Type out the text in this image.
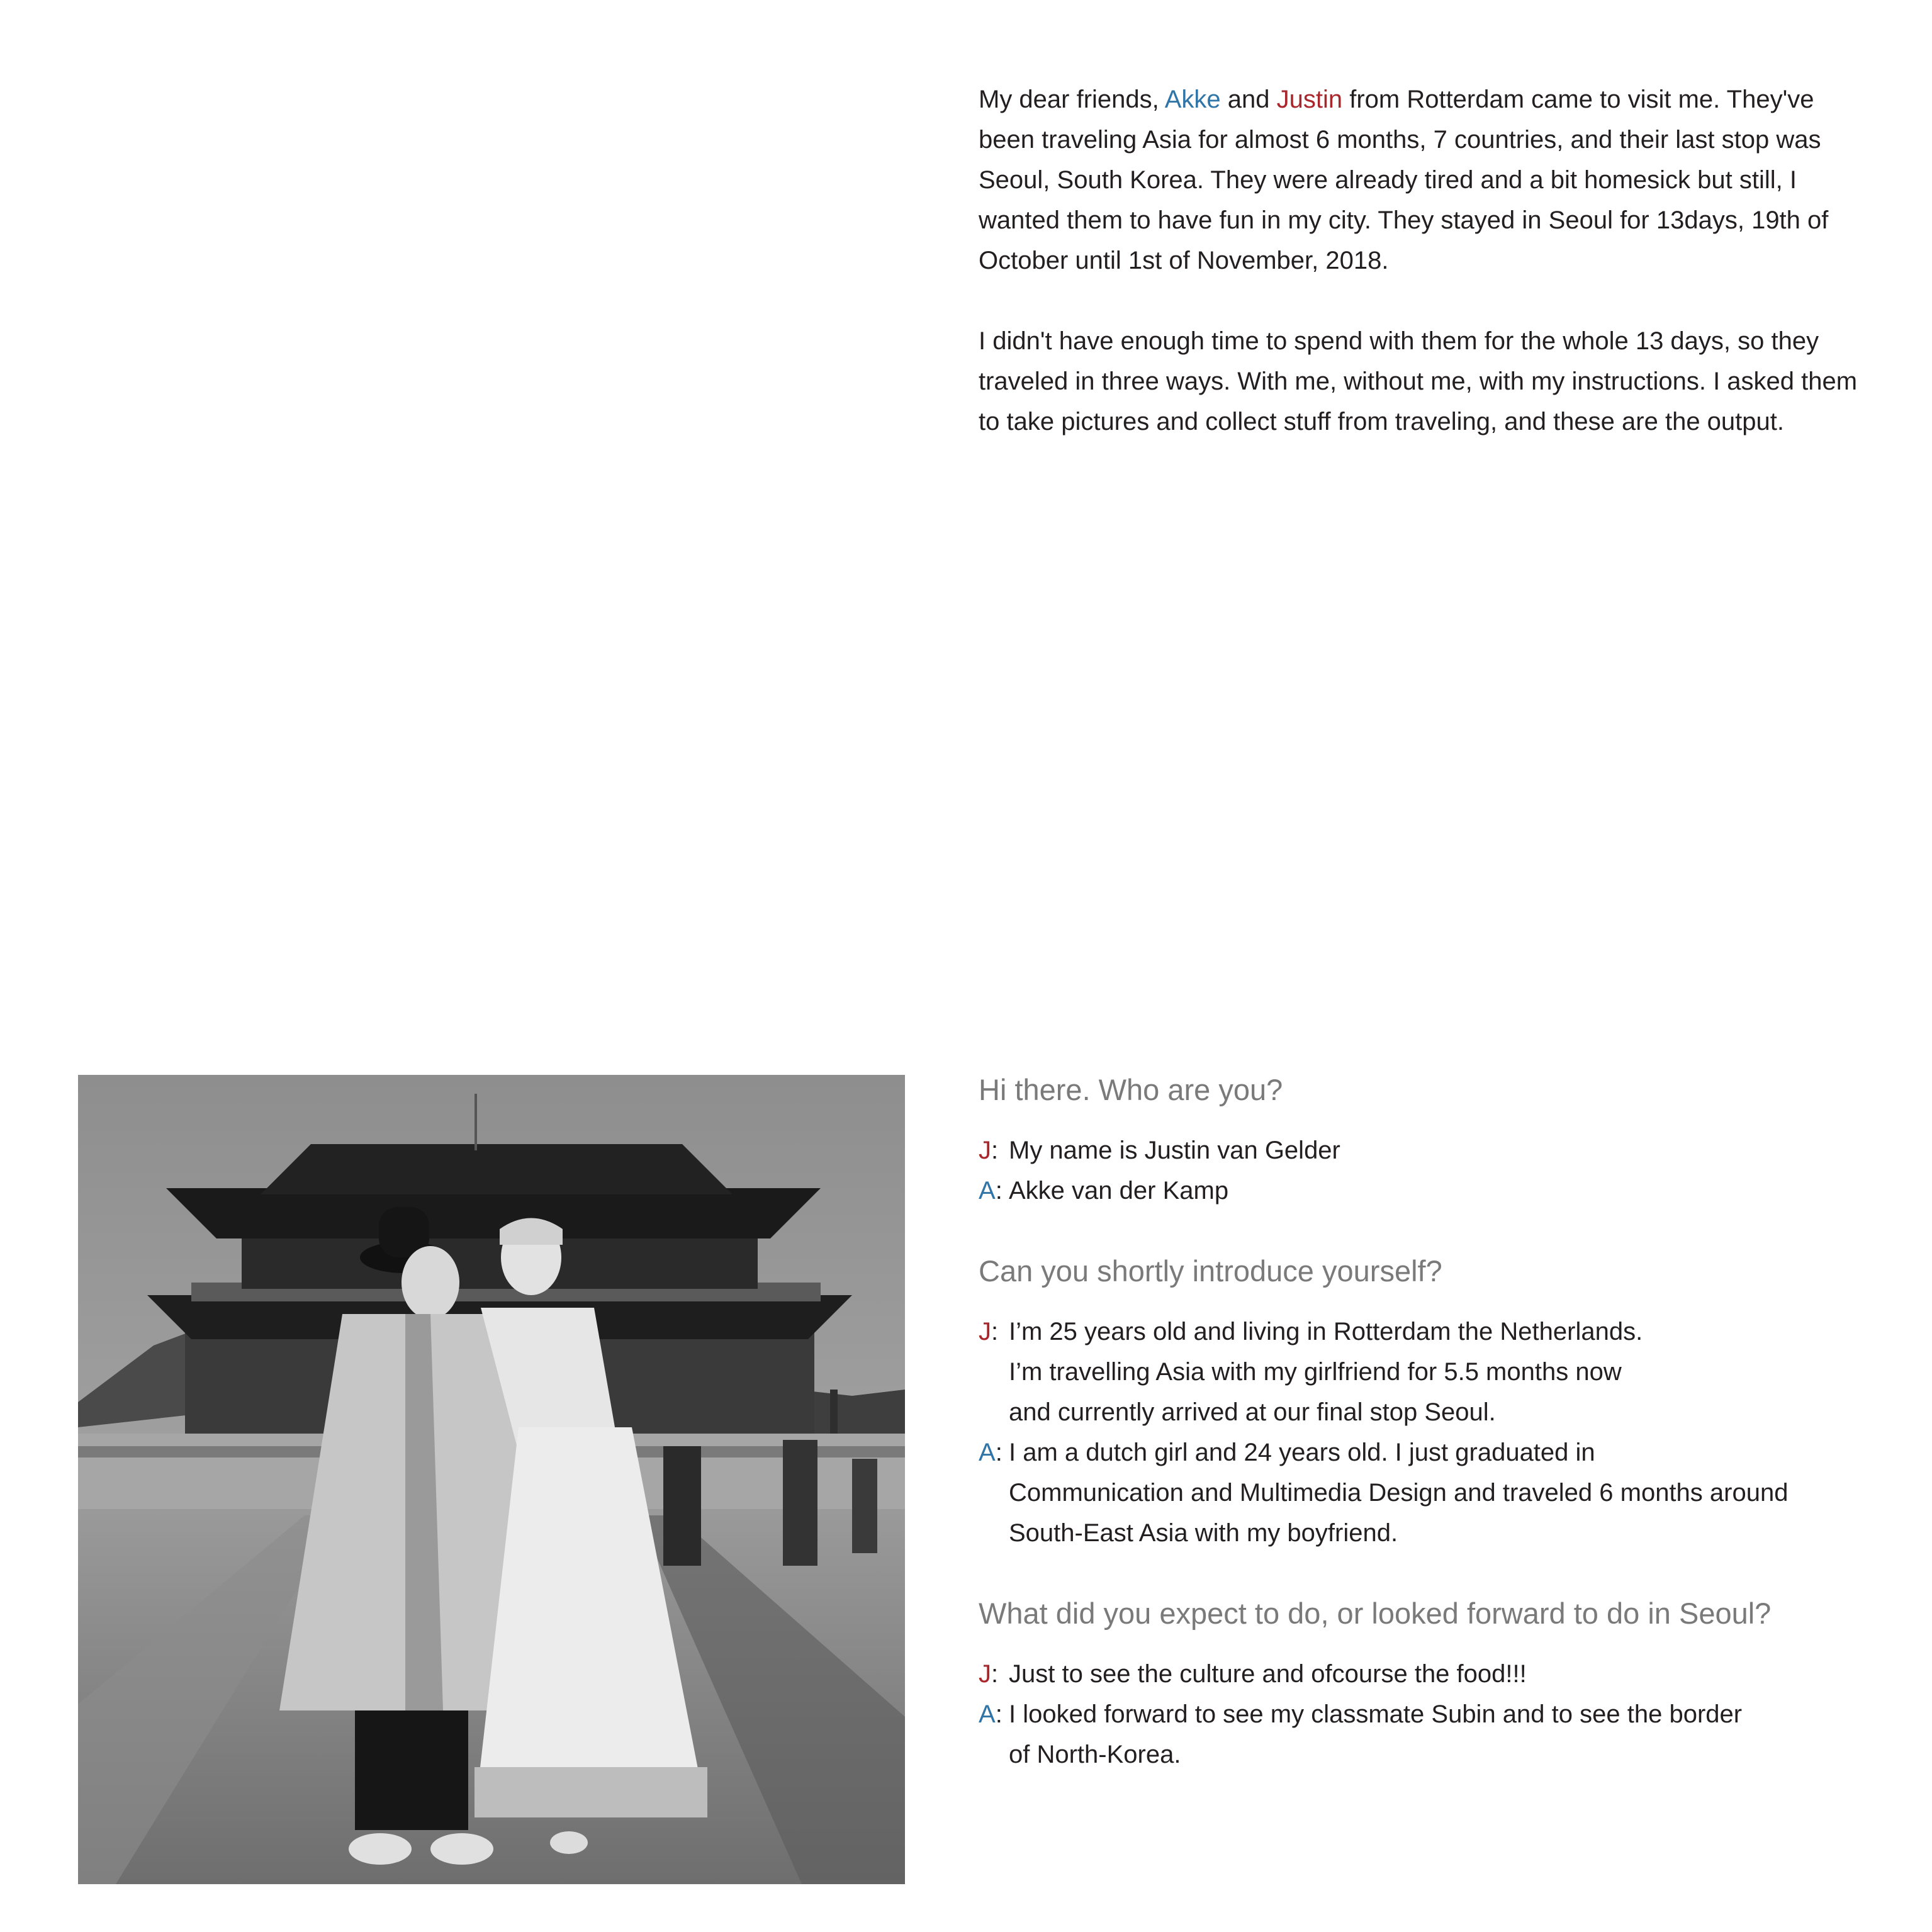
My dear friends, Akke and Justin from Rotterdam came to visit me. They've been traveling Asia for almost 6 months, 7 countries, and their last stop was Seoul, South Korea. They were already tired and a bit homesick but still, I wanted them to have fun in my city. They stayed in Seoul for 13days, 19th of October until 1st of November, 2018.

I didn't have enough time to spend with them for the whole 13 days, so they traveled in three ways. With me, without me, with my instructions. I asked them to take pictures and collect stuff from traveling, and these are the output.

Hi there. Who are you?

J: My name is Justin van Gelder

A: Akke van der Kamp

Can you shortly introduce yourself?

J: I’m 25 years old and living in Rotterdam the Netherlands.
I’m travelling Asia with my girlfriend for 5.5 months now
and currently arrived at our final stop Seoul.

A: I am a dutch girl and 24 years old. I just graduated in
Communication and Multimedia Design and traveled 6 months around
South-East Asia with my boyfriend.

What did you expect to do, or looked forward to do in Seoul?

J: Just to see the culture and ofcourse the food!!!

A: I looked forward to see my classmate Subin and to see the border
of North-Korea.
